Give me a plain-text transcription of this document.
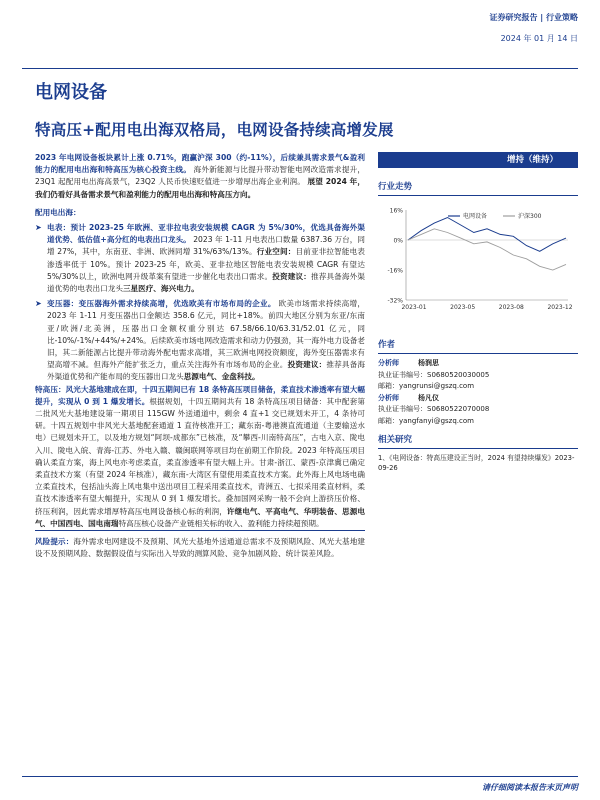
证券研究报告 | 行业策略
2024 年 01 月 14 日
电网设备
特高压+配用电出海双格局，电网设备持续高增发展

2023 年电网设备板块累计上涨 0.71%，跑赢沪深 300（约-11%），后续兼具需求景气&盈利能力的配用电出海和特高压为核心投资主线。 海外新能源与比提升带动智能电网改造需求提升，23Q1 起配用电出海高景气，23Q2 人民币快速贬值进一步增厚出海企业利润。 展望 2024 年，我们仍看好具备需求景气和盈利能力的配用电出海和特高压方向。

配用电出海：
➤ 电表：预计 2023-25 年欧洲、亚非拉电表安装规模 CAGR 为 5%/30%，优选具备海外渠道优势、低估值+高分红的电表出口龙头。 2023 年 1-11 月电表出口数量 6387.36 万台，同增 27%，其中，东南亚、非洲、欧洲同增 31%/63%/13%。行业空间：目前亚非拉智能电表渗透率低于 10%。预计 2023-25 年，欧美、亚非拉地区智能电表安装规模 CAGR 有望达 5%/30%以上，欧洲电网升级革案有望进一步催化电表出口需求。投资建议：推荐具备海外渠道优势的电表出口龙头三星医疗、海兴电力。

➤ 变压器：变压器海外需求持续高增，优选欧美有市场布局的企业。 欧美市场需求持续高增，2023 年 1-11 月变压器出口金额达 358.6 亿元，同比+18%。前四大地区分别为东亚/东南亚/欧洲/北美洲，压器出口金额权重分别达 67.58/66.10/63.31/52.01 亿元，同比-10%/-1%/+44%/+24%。后续欧美市场电网改造需求和动力仍强劲，其一海外电力设备老旧，其二新能源占比提升带动海外配电需求高增，其三欧洲电网投资额度，海外变压器需求有望高增不减。但海外产能扩张乏力，重点关注海外有市场布局的企业。投资建议：推荐具备海外渠道优势和产能布局的变压器出口龙头思源电气、金盘科技。

特高压：风光大基地建成在即，十四五期间已有 18 条特高压项目储备，柔直技术渗透率有望大幅提升，实现从 0 到 1 爆发增长。根据规划，十四五期间共有 18 条特高压项目储备：其中配套第二批风光大基地建设第一期项目 115GW 外送通道中，剩余 4 直+1 交已规划未开工，4 条待可研。十四五规划中非风光大基地配套通道 1 直待核准开工；藏东南-粤港澳直流通道（主要输送水电）已规划未开工，以及地方规划“阿坝-成都东”已核准，及“攀西-川南特高压”，古电入京、陇电入川、陇电入皖、青海-江苏、外电入赣、赣闽联网等项目均在前期工作阶段。2023 年特高压项目确认柔直方案，海上风电亦考虑柔直，柔直渗透率有望大幅上升。甘肃-浙江、蒙西-京津冀已确定柔直技术方案（有望 2024 年核准），藏东南-大湾区有望使用柔直技术方案。此外海上风电场电确立柔直技术，包括汕头海上风电集中送出项目工程采用柔直技术，青洲五、七拟采用柔直材料，柔直技术渗透率有望大幅提升，实现从 0 到 1 爆发增长。叠加国网采购一般不会向上游挤压价格、挤压利润，因此需求增厚特高压电网设备核心标的利润，许继电气、平高电气、华明装备、思源电气、中国西电、国电南瑞特高压核心设备产业链相关标的收入、盈利能力持续超预期。

风险提示：海外需求电网建设不及预期、风光大基地外送通道总需求不及预期风险、风光大基地建设不及预期风险、数据假设值与实际出入导致的测算风险、竞争加剧风险、统计误差风险。

增持（维持）
行业走势
16%
0%
-16%
-32%
2023-01	2023-05	2023-08	2023-12
电网设备	沪深300
作者
分析师	杨润思
执业证书编号：S0680520030005
邮箱：yangrunsi@gszq.com
分析师	杨凡仪
执业证书编号：S0680522070008
邮箱：yangfanyi@gszq.com
相关研究
1、《电网设备：特高压建设正当时，2024 有望持续爆发》2023-09-26
请仔细阅读本报告末页声明
